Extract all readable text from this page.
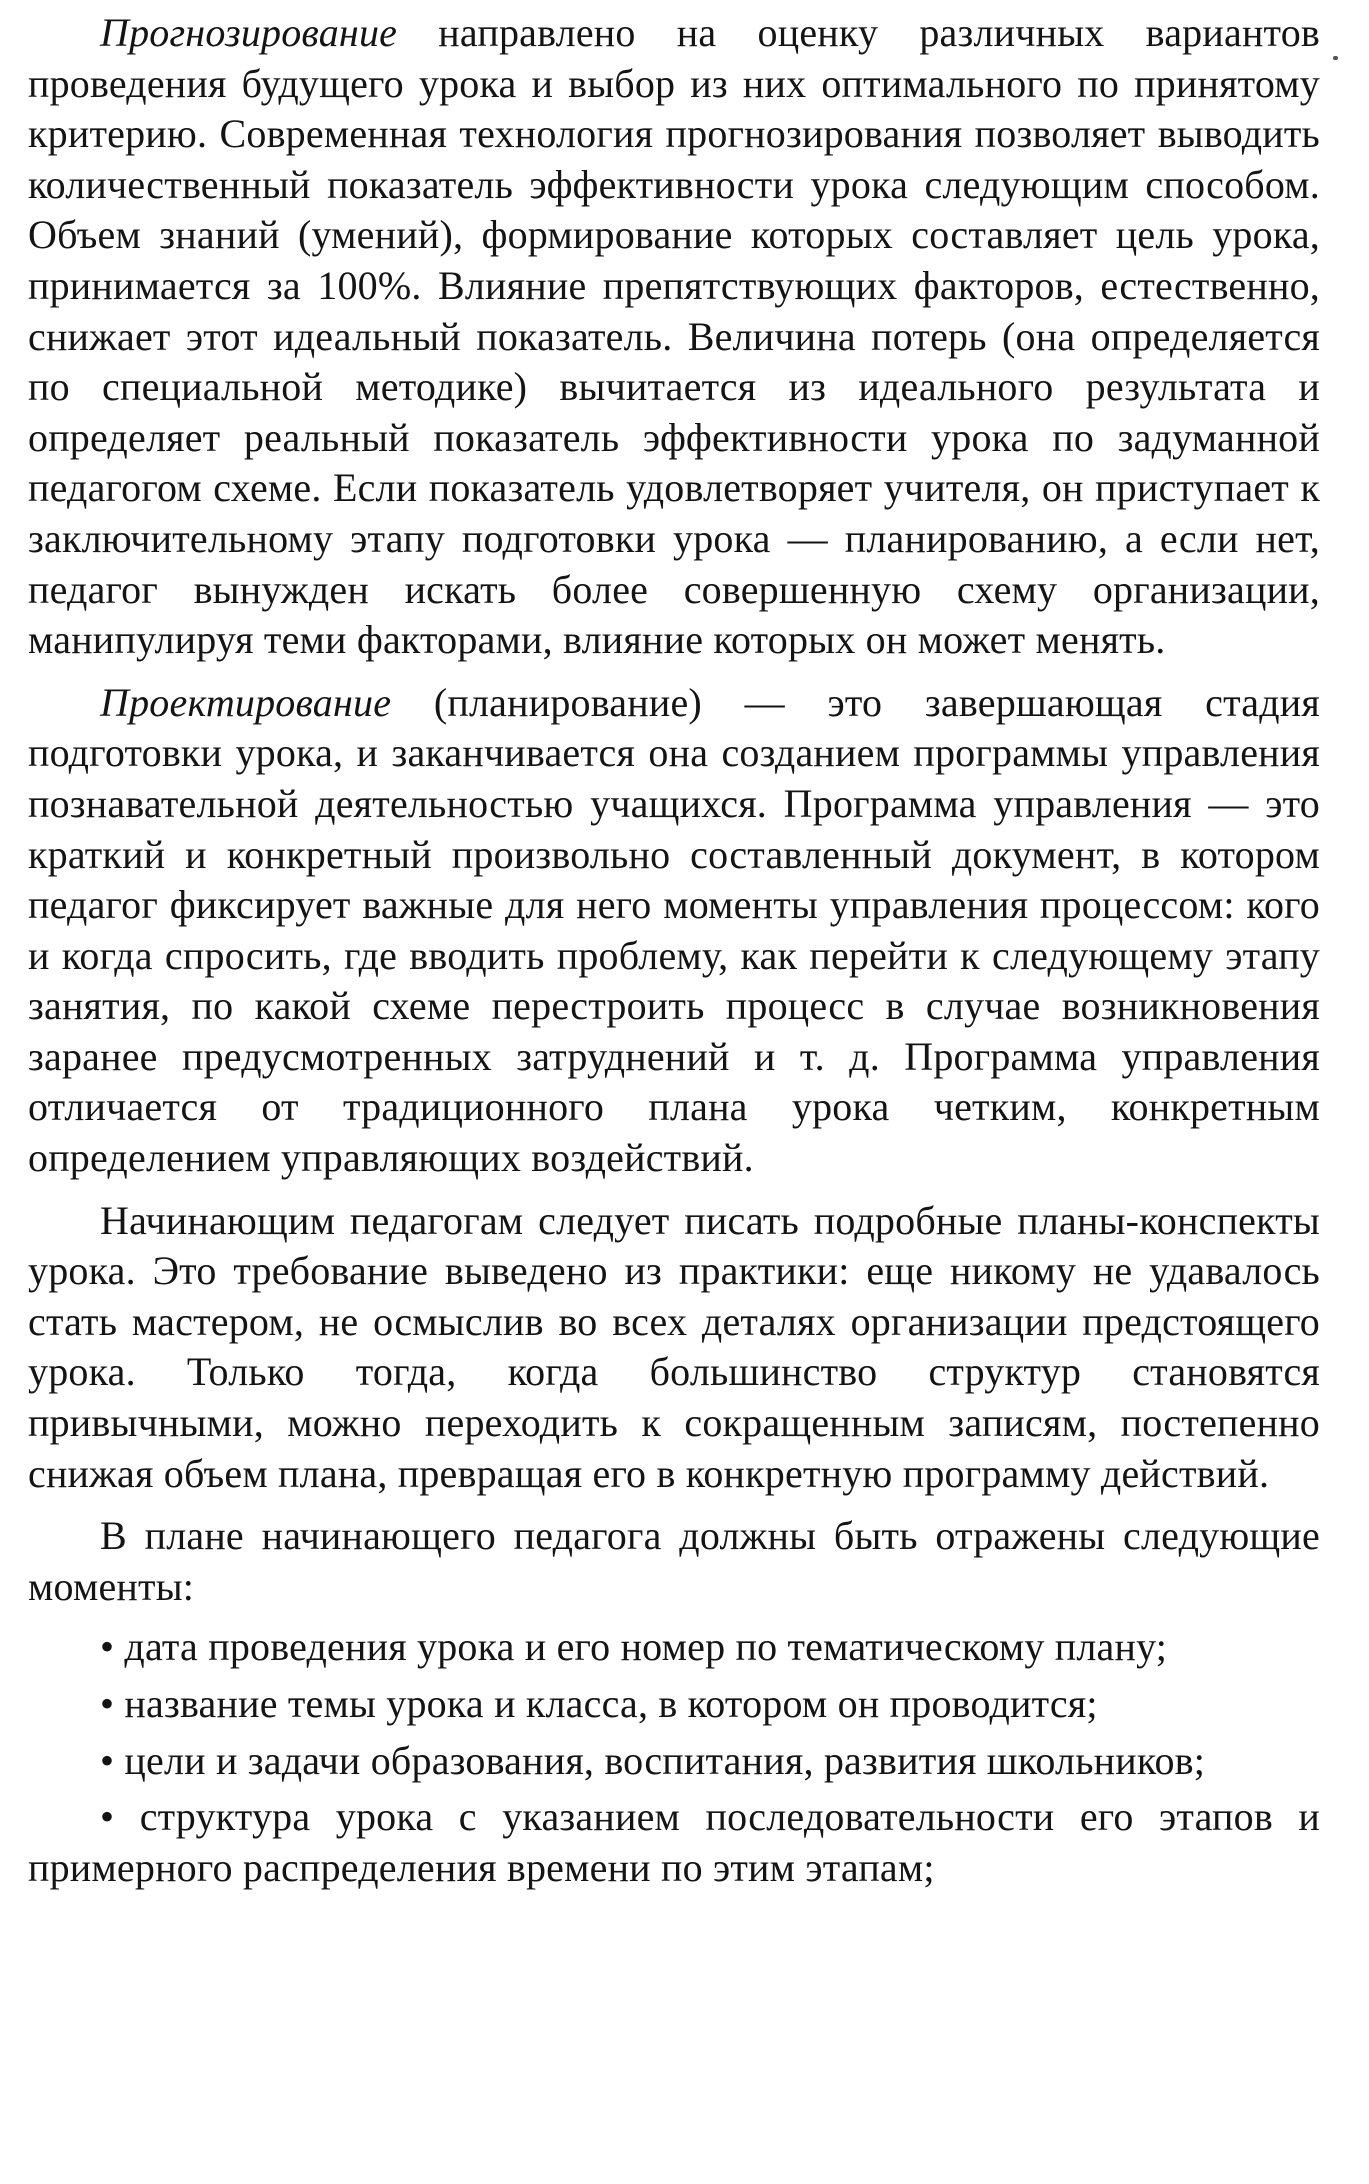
Прогнозирование направлено на оценку различных вариантов проведения будущего урока и выбор из них оптимального по принятому критерию. Современная технология прогнозирования позволяет выводить количественный показатель эффективности урока следующим способом. Объем знаний (умений), формирование которых составляет цель урока, принимается за 100%. Влияние препятствующих факторов, естественно, снижает этот идеальный показатель. Величина потерь (она определяется по специальной методике) вычитается из идеального результата и определяет реальный показатель эффективности урока по задуманной педагогом схеме. Если показатель удовлетворяет учителя, он приступает к заключительному этапу подготовки урока — планированию, а если нет, педагог вынужден искать более совершенную схему организации, манипулируя теми факторами, влияние которых он может менять.

Проектирование (планирование) — это завершающая стадия подготовки урока, и заканчивается она созданием программы управления познавательной деятельностью учащихся. Программа управления — это краткий и конкретный произвольно составленный документ, в котором педагог фиксирует важные для него моменты управления процессом: кого и когда спросить, где вводить проблему, как перейти к следующему этапу занятия, по какой схеме перестроить процесс в случае возникновения заранее предусмотренных затруднений и т. д. Программа управления отличается от традиционного плана урока четким, конкретным определением управляющих воздействий.

Начинающим педагогам следует писать подробные планы-конспекты урока. Это требование выведено из практики: еще никому не удавалось стать мастером, не осмыслив во всех деталях организации предстоящего урока. Только тогда, когда большинство структур становятся привычными, можно переходить к сокращенным записям, постепенно снижая объем плана, превращая его в конкретную программу действий.

В плане начинающего педагога должны быть отражены следующие моменты:

• дата проведения урока и его номер по тематическому плану;
• название темы урока и класса, в котором он проводится;
• цели и задачи образования, воспитания, развития школьников;
• структура урока с указанием последовательности его этапов и примерного распределения времени по этим этапам;
